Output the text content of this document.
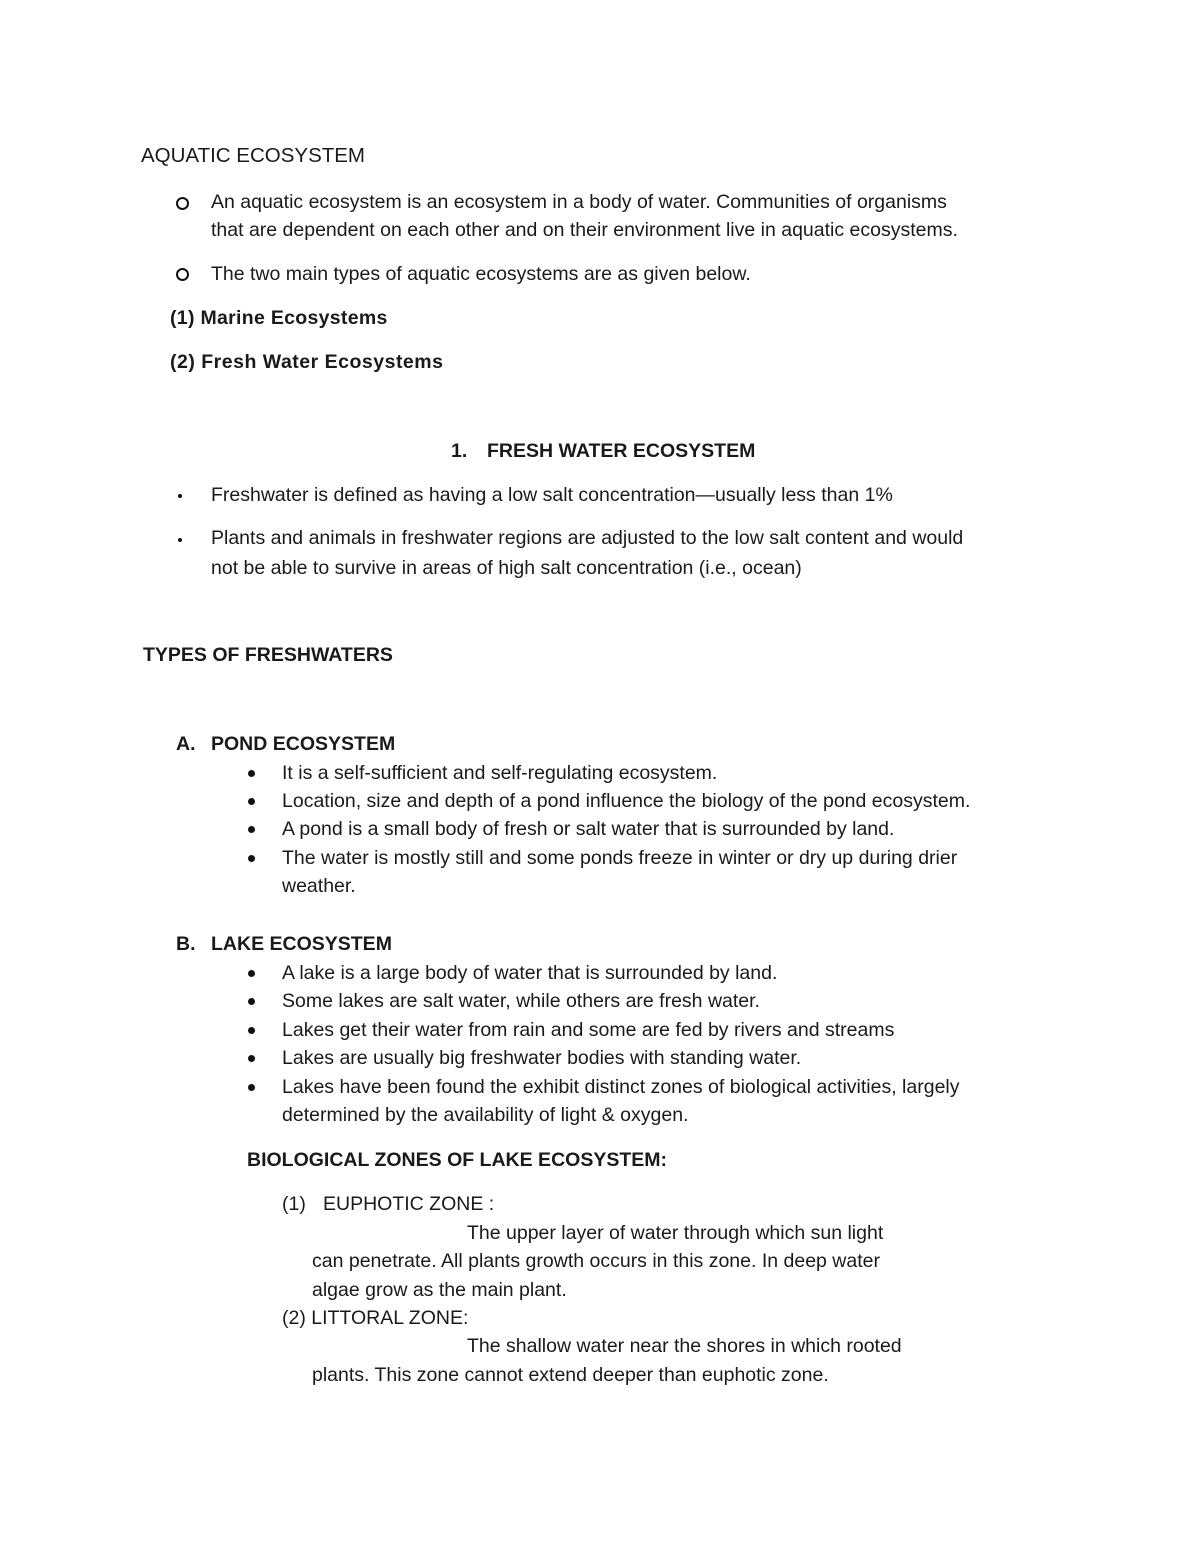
AQUATIC ECOSYSTEM
An aquatic ecosystem is an ecosystem in a body of water. Communities of organisms
that are dependent on each other and on their environment live in aquatic ecosystems.
The two main types of aquatic ecosystems are as given below.
(1) Marine Ecosystems
(2) Fresh Water Ecosystems
1. FRESH WATER ECOSYSTEM
Freshwater is defined as having a low salt concentration—usually less than 1%
Plants and animals in freshwater regions are adjusted to the low salt content and would
not be able to survive in areas of high salt concentration (i.e., ocean)
TYPES OF FRESHWATERS
A. POND ECOSYSTEM
It is a self-sufficient and self-regulating ecosystem.
Location, size and depth of a pond influence the biology of the pond ecosystem.
A pond is a small body of fresh or salt water that is surrounded by land.
The water is mostly still and some ponds freeze in winter or dry up during drier
weather.
B. LAKE ECOSYSTEM
A lake is a large body of water that is surrounded by land.
Some lakes are salt water, while others are fresh water.
Lakes get their water from rain and some are fed by rivers and streams
Lakes are usually big freshwater bodies with standing water.
Lakes have been found the exhibit distinct zones of biological activities, largely
determined by the availability of light & oxygen.
BIOLOGICAL ZONES OF LAKE ECOSYSTEM:
(1) EUPHOTIC ZONE :
The upper layer of water through which sun light
can penetrate. All plants growth occurs in this zone. In deep water
algae grow as the main plant.
(2) LITTORAL ZONE:
The shallow water near the shores in which rooted
plants. This zone cannot extend deeper than euphotic zone.
